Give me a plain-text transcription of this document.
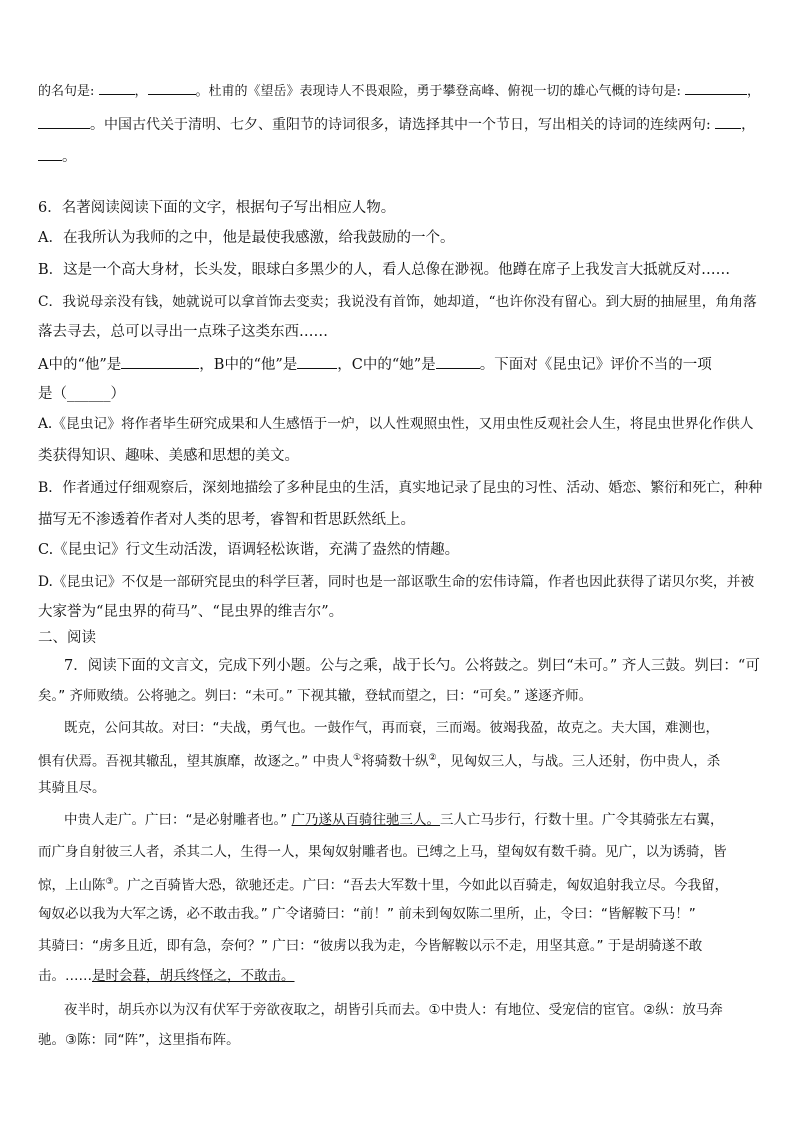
的名句是:	，	。杜甫的《望岳》表现诗人不畏艰险，勇于攀登高峰、俯视一切的雄心气概的诗句是:	，
。中国古代关于清明、七夕、重阳节的诗词很多，请选择其中一个节日，写出相关的诗词的连续两句: ，
。
6．名著阅读阅读下面的文字，根据句子写出相应人物。
A．在我所认为我师的之中，他是最使我感激，给我鼓励的一个。
B．这是一个高大身材，长头发，眼球白多黑少的人，看人总像在渺视。他蹲在席子上我发言大抵就反对……
C．我说母亲没有钱，她就说可以拿首饰去变卖；我说没有首饰，她却道，“也许你没有留心。到大厨的抽屉里，角角落
落去寻去，总可以寻出一点珠子这类东西……
A中的“他”是	，B中的“他”是	，C中的“她”是	。下面对《昆虫记》评价不当的一项
是（______）
A.《昆虫记》将作者毕生研究成果和人生感悟于一炉，以人性观照虫性，又用虫性反观社会人生，将昆虫世界化作供人
类获得知识、趣味、美感和思想的美文。
B．作者通过仔细观察后，深刻地描绘了多种昆虫的生活，真实地记录了昆虫的习性、活动、婚恋、繁衍和死亡，种种
描写无不渗透着作者对人类的思考，睿智和哲思跃然纸上。
C.《昆虫记》行文生动活泼，语调轻松诙谐，充满了盎然的情趣。
D.《昆虫记》不仅是一部研究昆虫的科学巨著，同时也是一部讴歌生命的宏伟诗篇，作者也因此获得了诺贝尔奖，并被
大家誉为“昆虫界的荷马”、“昆虫界的维吉尔”。
二、阅读
7．阅读下面的文言文，完成下列小题。公与之乘，战于长勺。公将鼓之。刿曰“未可。” 齐人三鼓。刿曰：“可
矣。” 齐师败绩。公将驰之。刿曰：“未可。” 下视其辙，登轼而望之，曰：“可矣。” 遂逐齐师。
既克，公问其故。对曰：“夫战，勇气也。一鼓作气，再而衰，三而竭。彼竭我盈，故克之。夫大国，难测也，
惧有伏焉。吾视其辙乱，望其旗靡，故逐之。” 中贵人①将骑数十纵②，见匈奴三人，与战。三人还射，伤中贵人，杀
其骑且尽。
中贵人走广。广曰：“是必射雕者也。” 广乃遂从百骑往驰三人。三人亡马步行，行数十里。广令其骑张左右翼，
而广身自射彼三人者，杀其二人，生得一人，果匈奴射雕者也。已缚之上马，望匈奴有数千骑。见广，以为诱骑，皆
惊，上山陈③。广之百骑皆大恐，欲驰还走。广曰：“吾去大军数十里，今如此以百骑走，匈奴追射我立尽。今我留，
匈奴必以我为大军之诱，必不敢击我。” 广令诸骑曰：“前！” 前未到匈奴陈二里所，止，令曰：“皆解鞍下马！”
其骑曰：“虏多且近，即有急，奈何？” 广曰：“彼虏以我为走，今皆解鞍以示不走，用坚其意。” 于是胡骑遂不敢
击。……是时会暮，胡兵终怪之，不敢击。
夜半时，胡兵亦以为汉有伏军于旁欲夜取之，胡皆引兵而去。①中贵人：有地位、受宠信的宦官。②纵：放马奔
驰。③陈：同“阵”，这里指布阵。
